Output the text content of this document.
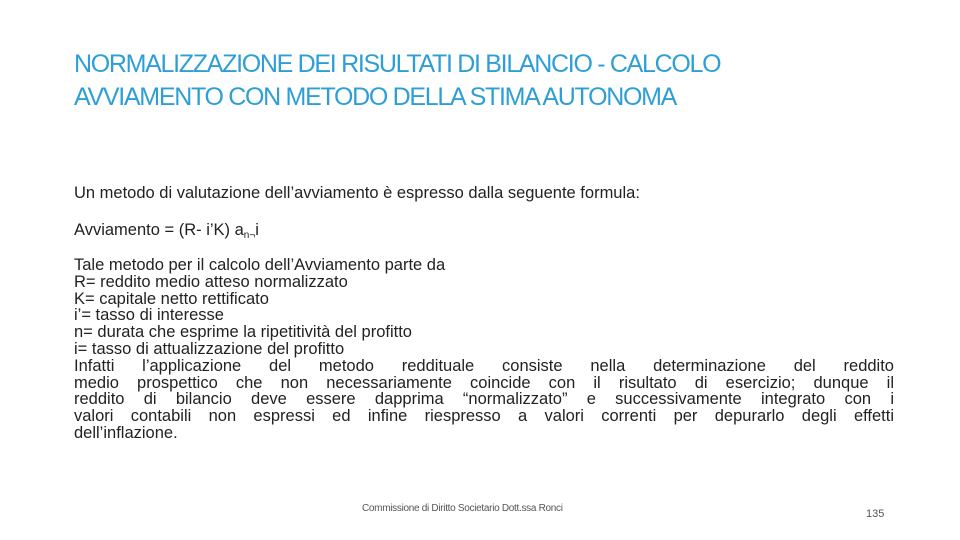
NORMALIZZAZIONE DEI RISULTATI DI BILANCIO - CALCOLO
AVVIAMENTO CON METODO DELLA STIMA AUTONOMA
Un metodo di valutazione dell’avviamento è espresso dalla seguente formula:
Avviamento = (R- i’K) $a_{n\neg}i$
Tale metodo per il calcolo dell’Avviamento parte da
R= reddito medio atteso normalizzato
K= capitale netto rettificato
i’= tasso di interesse
n= durata che esprime la ripetitività del profitto
i= tasso di attualizzazione del profitto
Infatti l’applicazione del metodo reddituale consiste nella determinazione del reddito
medio prospettico che non necessariamente coincide con il risultato di esercizio; dunque il
reddito di bilancio deve essere dapprima “normalizzato” e successivamente integrato con i
valori contabili non espressi ed infine riespresso a valori correnti per depurarlo degli effetti
dell’inflazione.
Commissione di Diritto Societario Dott.ssa Ronci	135
